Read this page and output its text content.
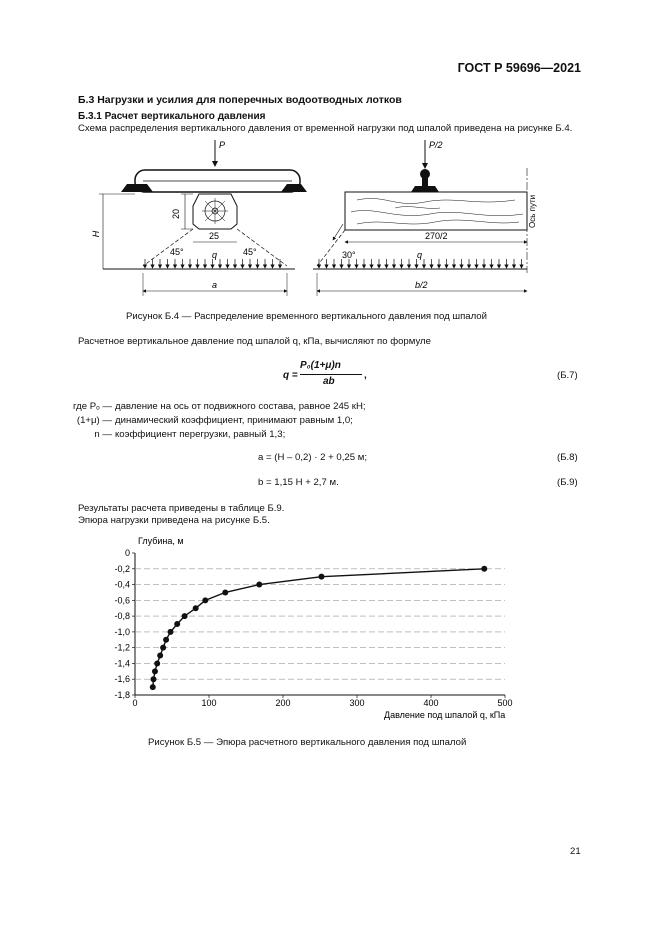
ГОСТ Р 59696—2021
Б.3 Нагрузки и усилия для поперечных водоотводных лотков
Б.3.1 Расчет вертикального давления
Схема распределения вертикального давления от временной нагрузки под шпалой приведена на рисунке Б.4.
P
20
H	25
45°	45°
q
a
P/2
Ось пути
270/2
30°	q
b/2
Рисунок Б.4 — Распределение временного вертикального давления под шпалой
Расчетное вертикальное давление под шпалой q, кПа, вычисляют по формуле
q =
P₀(1+μ)n
ab
,	(Б.7)
где Pₒ — давление на ось от подвижного состава, равное 245 кН;
(1+μ) — динамический коэффициент, принимают равным 1,0;
n — коэффициент перегрузки, равный 1,3;
a = (H – 0,2) · 2 + 0,25 м;	(Б.8)
b = 1,15 H + 2,7 м.	(Б.9)
Результаты расчета приведены в таблице Б.9.
Эпюра нагрузки приведена на рисунке Б.5.
Глубина, м
0
-0,2
-0,4
-0,6
-0,8
-1,0
-1,2
-1,4
-1,6
-1,8
0	100	200	300	400	500
Давление под шпалой q, кПа
Рисунок Б.5 — Эпюра расчетного вертикального давления под шпалой
21
